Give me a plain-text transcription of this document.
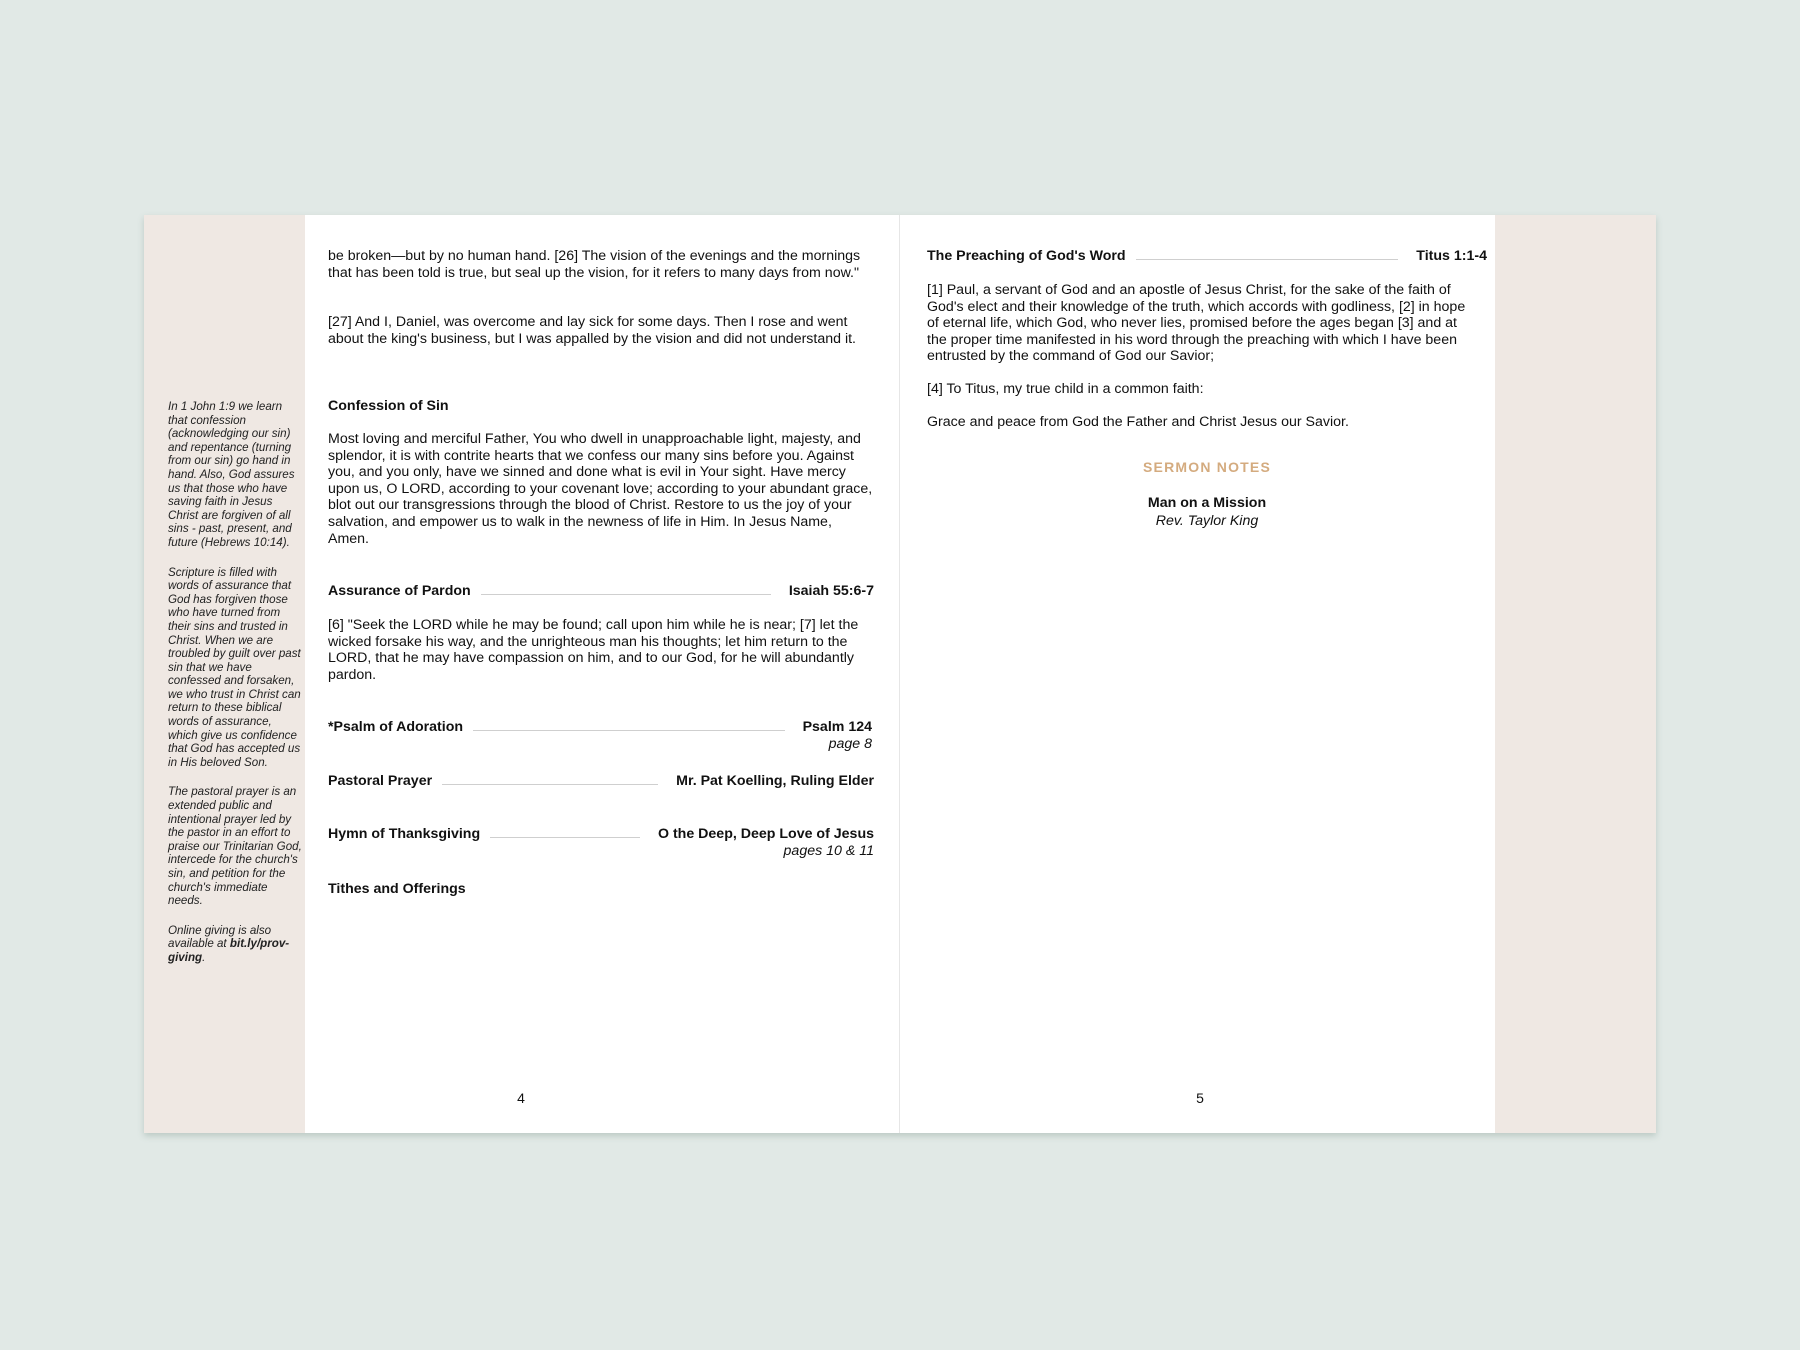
In 1 John 1:9 we learn that confession (acknowledging our sin) and repentance (turning from our sin) go hand in hand. Also, God assures us that those who have saving faith in Jesus Christ are forgiven of all sins - past, present, and future (Hebrews 10:14).

Scripture is filled with words of assurance that God has forgiven those who have turned from their sins and trusted in Christ. When we are troubled by guilt over past sin that we have confessed and forsaken, we who trust in Christ can return to these biblical words of assurance, which give us confidence that God has accepted us in His beloved Son.

The pastoral prayer is an extended public and intentional prayer led by the pastor in an effort to praise our Trinitarian God, intercede for the church's sin, and petition for the church's immediate needs.

Online giving is also available at bit.ly/prov-giving.

be broken—but by no human hand. [26] The vision of the evenings and the mornings that has been told is true, but seal up the vision, for it refers to many days from now."

[27] And I, Daniel, was overcome and lay sick for some days. Then I rose and went about the king's business, but I was appalled by the vision and did not understand it.

Confession of Sin

Most loving and merciful Father, You who dwell in unapproachable light, majesty, and splendor, it is with contrite hearts that we confess our many sins before you. Against you, and you only, have we sinned and done what is evil in Your sight. Have mercy upon us, O LORD, according to your covenant love; according to your abundant grace, blot out our transgressions through the blood of Christ. Restore to us the joy of your salvation, and empower us to walk in the newness of life in Him. In Jesus Name, Amen.

Assurance of Pardon	Isaiah 55:6-7

[6] "Seek the LORD while he may be found; call upon him while he is near; [7] let the wicked forsake his way, and the unrighteous man his thoughts; let him return to the LORD, that he may have compassion on him, and to our God, for he will abundantly pardon.

*Psalm of Adoration	Psalm 124
page 8
Pastoral Prayer	Mr. Pat Koelling, Ruling Elder
Hymn of Thanksgiving	O the Deep, Deep Love of Jesus
pages 10 & 11
Tithes and Offerings
4
The Preaching of God's Word	Titus 1:1-4

[1] Paul, a servant of God and an apostle of Jesus Christ, for the sake of the faith of God's elect and their knowledge of the truth, which accords with godliness, [2] in hope of eternal life, which God, who never lies, promised before the ages began [3] and at the proper time manifested in his word through the preaching with which I have been entrusted by the command of God our Savior;

[4] To Titus, my true child in a common faith:

Grace and peace from God the Father and Christ Jesus our Savior.

SERMON NOTES
Man on a Mission
Rev. Taylor King
5
